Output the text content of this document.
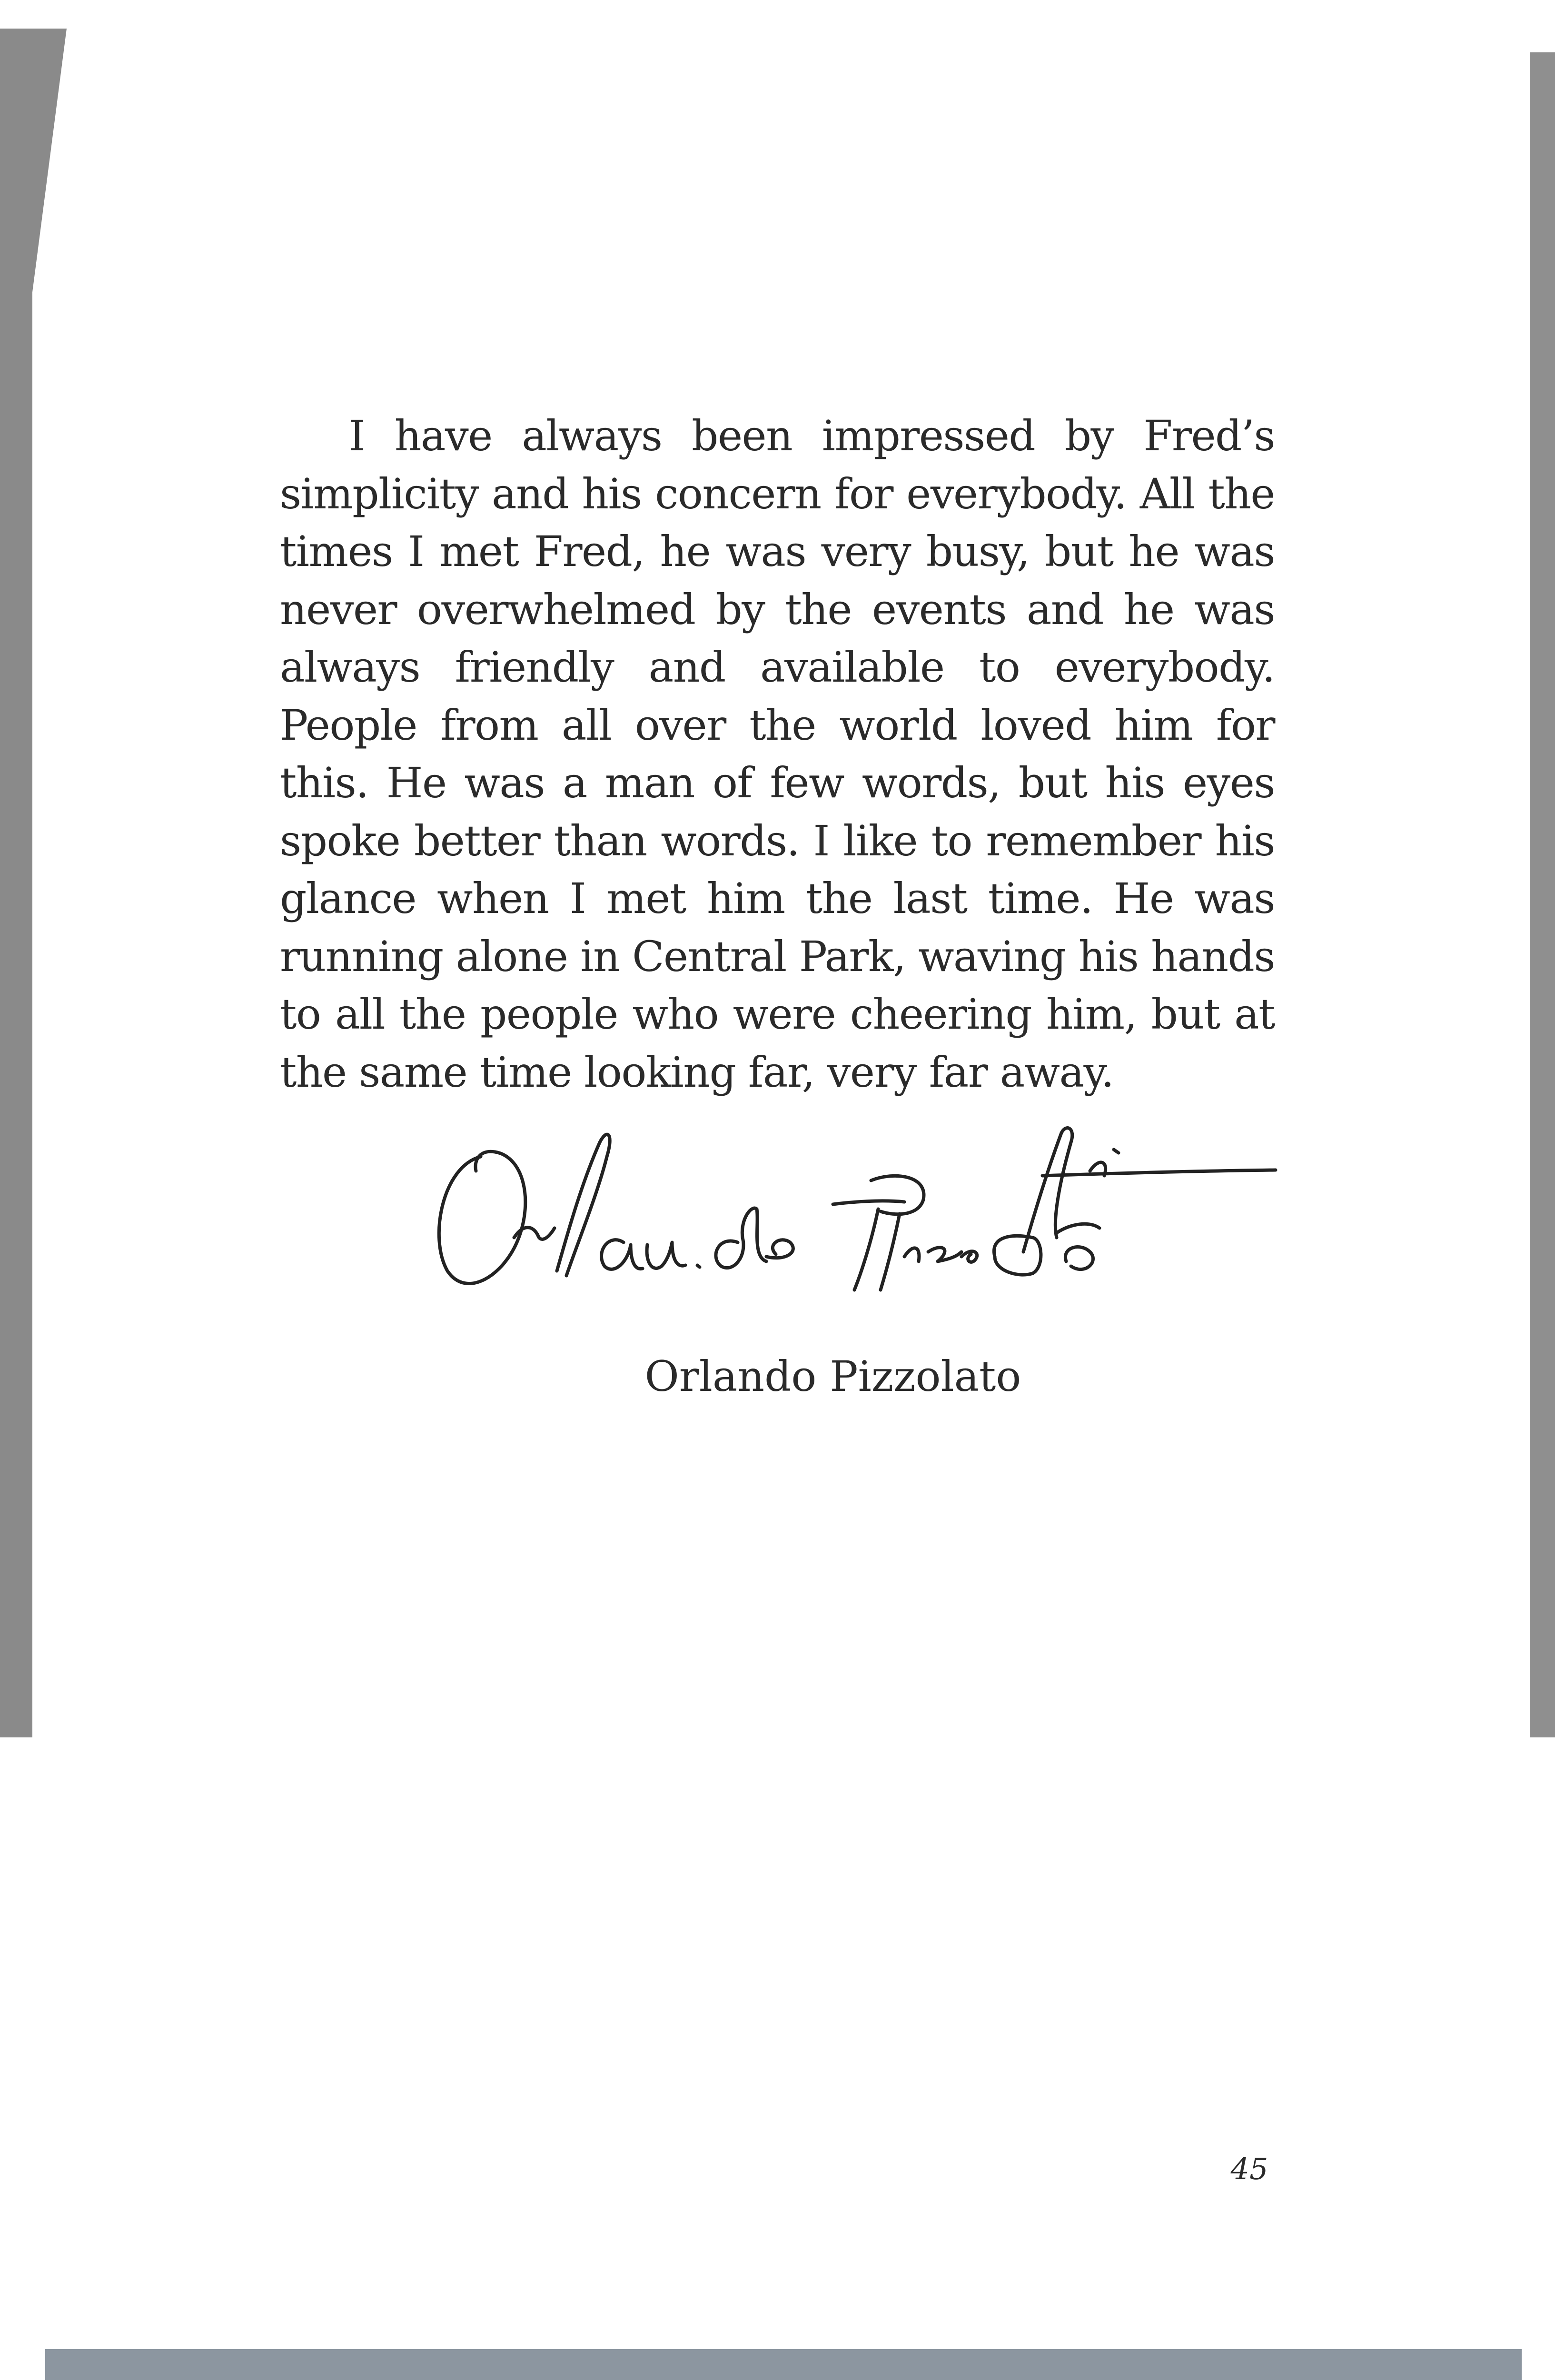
I have always been impressed by Fred’s simplicity and his concern for everybody. All the times I met Fred, he was very busy, but he was never overwhelmed by the events and he was always friendly and available to everybody. People from all over the world loved him for this. He was a man of few words, but his eyes spoke better than words. I like to remember his glance when I met him the last time. He was running alone in Central Park, waving his hands to all the people who were cheering him, but at the same time looking far, very far away.

Orlando Pizzolato

45
